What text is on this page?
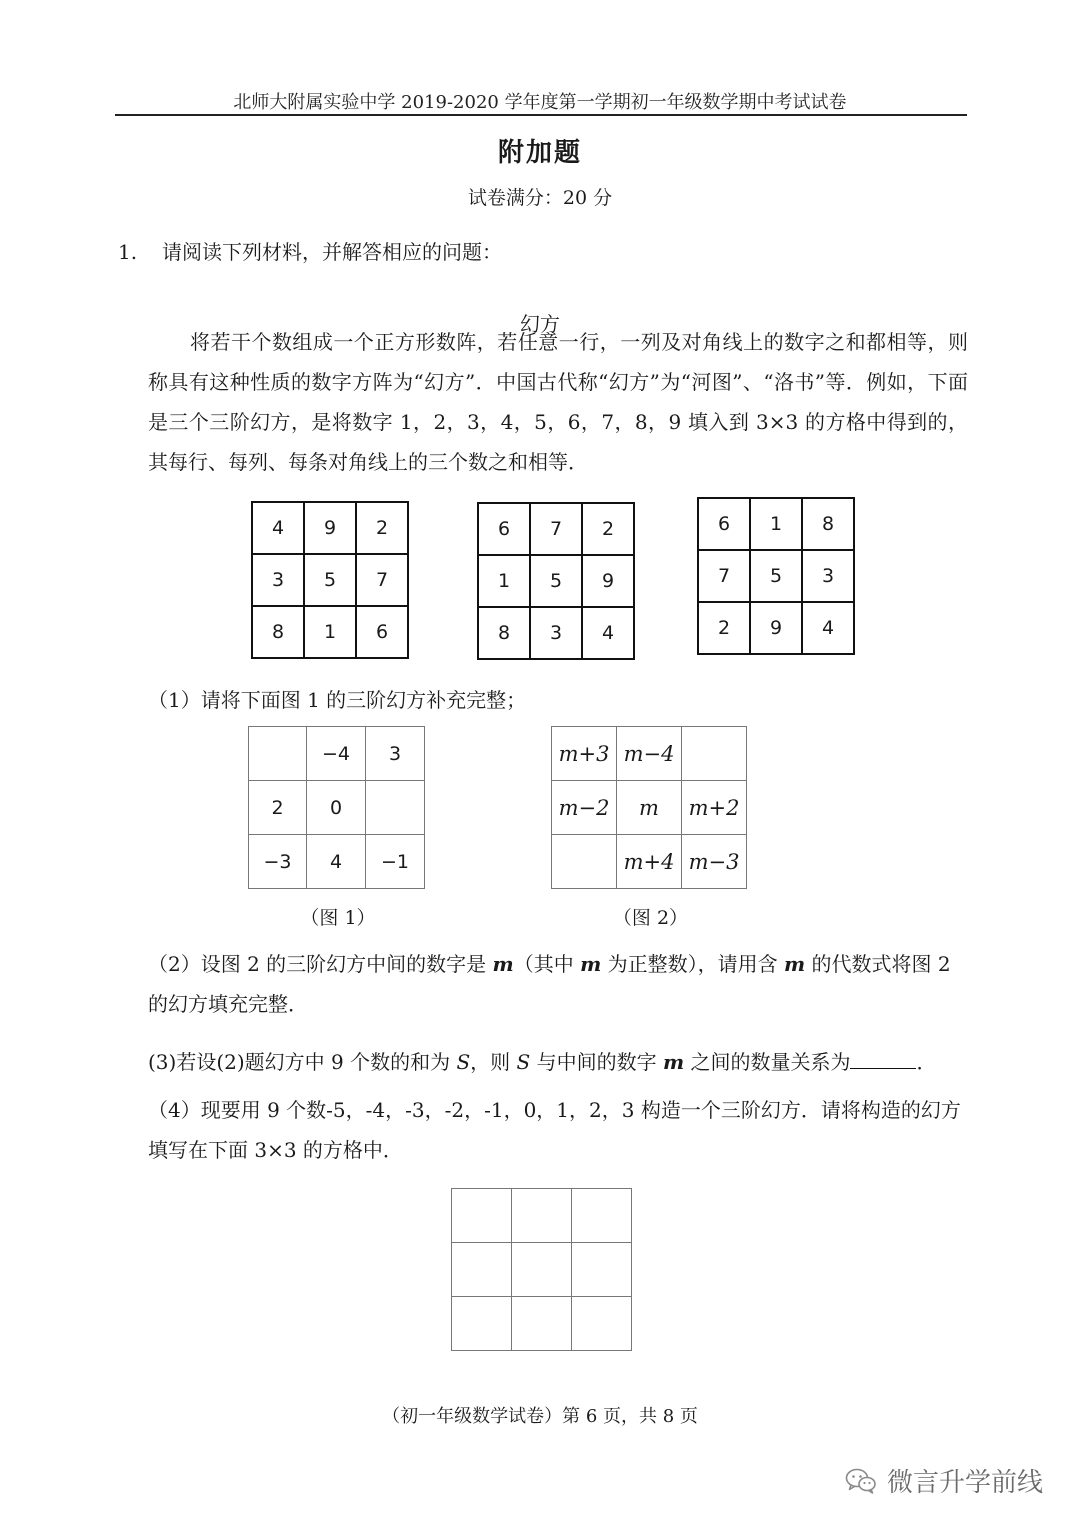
北师大附属实验中学 2019-2020 学年度第一学期初一年级数学期中考试试卷
附加题
试卷满分：20 分
1. 请阅读下列材料，并解答相应的问题：
幻方
将若干个数组成一个正方形数阵，若任意一行，一列及对角线上的数字之和都相等，则称具有这种性质的数字方阵为“幻方”．中国古代称“幻方”为“河图”、“洛书”等．例如，下面是三个三阶幻方，是将数字 1，2，3，4，5，6，7，8，9 填入到 3×3 的方格中得到的，其每行、每列、每条对角线上的三个数之和相等．
4	9	2
3	5	7
8	1	6
6	7	2
1	5	9
8	3	4
6	1	8
7	5	3
2	9	4
（1）请将下面图 1 的三阶幻方补充完整；
	−4	3
2	0	
−3	4	−1
（图 1）
m+3	m−4	
m−2	m	m+2
	m+4	m−3
（图 2）
（2）设图 2 的三阶幻方中间的数字是 m（其中 m 为正整数），请用含 m 的代数式将图 2 的幻方填充完整．
(3)若设(2)题幻方中 9 个数的和为 S，则 S 与中间的数字 m 之间的数量关系为	．
（4）现要用 9 个数-5，-4，-3，-2，-1，0，1，2，3 构造一个三阶幻方．请将构造的幻方填写在下面 3×3 的方格中．

（初一年级数学试卷）第 6 页，共 8 页
微言升学前线
